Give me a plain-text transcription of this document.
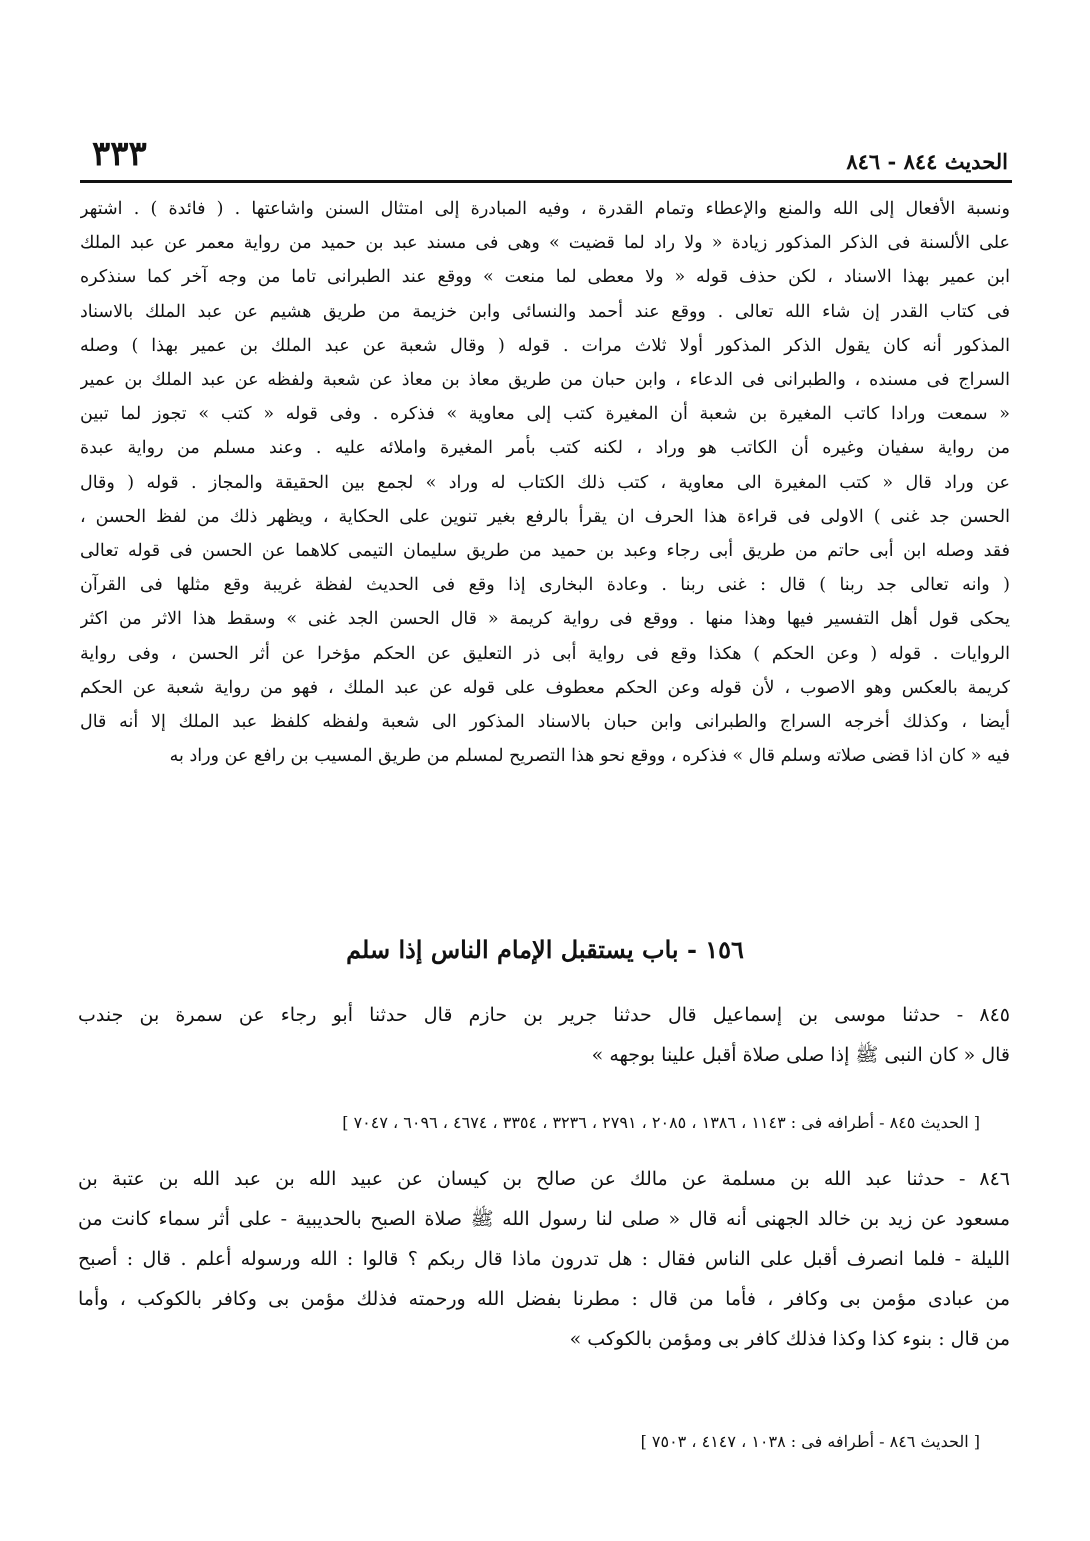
٣٣٣	الحديث ٨٤٤ - ٨٤٦
ونسبة الأفعال إلى الله والمنع والإعطاء وتمام القدرة ، وفيه المبادرة إلى امتثال السنن واشاعتها . ( فائدة ) . اشتهر
على الألسنة فى الذكر المذكور زيادة « ولا راد لما قضيت » وهى فى مسند عبد بن حميد من رواية معمر عن عبد الملك
ابن عمير بهذا الاسناد ، لكن حذف قوله « ولا معطى لما منعت » ووقع عند الطبرانى تاما من وجه آخر كما سنذكره
فى كتاب القدر إن شاء الله تعالى . ووقع عند أحمد والنسائى وابن خزيمة من طريق هشيم عن عبد الملك بالاسناد
المذكور أنه كان يقول الذكر المذكور أولا ثلاث مرات . قوله ( وقال شعبة عن عبد الملك بن عمير بهذا ) وصله
السراج فى مسنده ، والطبرانى فى الدعاء ، وابن حبان من طريق معاذ بن معاذ عن شعبة ولفظه عن عبد الملك بن عمير
« سمعت ورادا كاتب المغيرة بن شعبة أن المغيرة كتب إلى معاوية » فذكره . وفى قوله « كتب » تجوز لما تبين
من رواية سفيان وغيره أن الكاتب هو وراد ، لكنه كتب بأمر المغيرة واملائه عليه . وعند مسلم من رواية عبدة
عن وراد قال « كتب المغيرة الى معاوية ، كتب ذلك الكتاب له وراد » لجمع بين الحقيقة والمجاز . قوله ( وقال
الحسن جد غنى ) الاولى فى قراءة هذا الحرف ان يقرأ بالرفع بغير تنوين على الحكاية ، ويظهر ذلك من لفظ الحسن ،
فقد وصله ابن أبى حاتم من طريق أبى رجاء وعبد بن حميد من طريق سليمان التيمى كلاهما عن الحسن فى قوله تعالى
( وانه تعالى جد ربنا ) قال : غنى ربنا . وعادة البخارى إذا وقع فى الحديث لفظة غريبة وقع مثلها فى القرآن
يحكى قول أهل التفسير فيها وهذا منها . ووقع فى رواية كريمة « قال الحسن الجد غنى » وسقط هذا الاثر من اكثر
الروايات . قوله ( وعن الحكم ) هكذا وقع فى رواية أبى ذر التعليق عن الحكم مؤخرا عن أثر الحسن ، وفى رواية
كريمة بالعكس وهو الاصوب ، لأن قوله وعن الحكم معطوف على قوله عن عبد الملك ، فهو من رواية شعبة عن الحكم
أيضا ، وكذلك أخرجه السراج والطبرانى وابن حبان بالاسناد المذكور الى شعبة ولفظه كلفظ عبد الملك إلا أنه قال
فيه « كان اذا قضى صلاته وسلم قال » فذكره ، ووقع نحو هذا التصريح لمسلم من طريق المسيب بن رافع عن وراد به
١٥٦ - باب يستقبل الإمام الناس إذا سلم
٨٤٥ - حدثنا موسى بن إسماعيل قال حدثنا جرير بن حازم قال حدثنا أبو رجاء عن سمرة بن جندب
قال « كان النبى ﷺ إذا صلى صلاة أقبل علينا بوجهه »
[ الحديث ٨٤٥ - أطرافه فى : ١١٤٣ ، ١٣٨٦ ، ٢٠٨٥ ، ٢٧٩١ ، ٣٢٣٦ ، ٣٣٥٤ ، ٤٦٧٤ ، ٦٠٩٦ ، ٧٠٤٧ ]
٨٤٦ - حدثنا عبد الله بن مسلمة عن مالك عن صالح بن كيسان عن عبيد الله بن عبد الله بن عتبة بن
مسعود عن زيد بن خالد الجهنى أنه قال « صلى لنا رسول الله ﷺ صلاة الصبح بالحديبية - على أثر سماء كانت من
الليلة - فلما انصرف أقبل على الناس فقال : هل تدرون ماذا قال ربكم ؟ قالوا : الله ورسوله أعلم . قال : أصبح
من عبادى مؤمن بى وكافر ، فأما من قال : مطرنا بفضل الله ورحمته فذلك مؤمن بى وكافر بالكوكب ، وأما
من قال : بنوء كذا وكذا فذلك كافر بى ومؤمن بالكوكب »
[ الحديث ٨٤٦ - أطرافه فى : ١٠٣٨ ، ٤١٤٧ ، ٧٥٠٣ ]
